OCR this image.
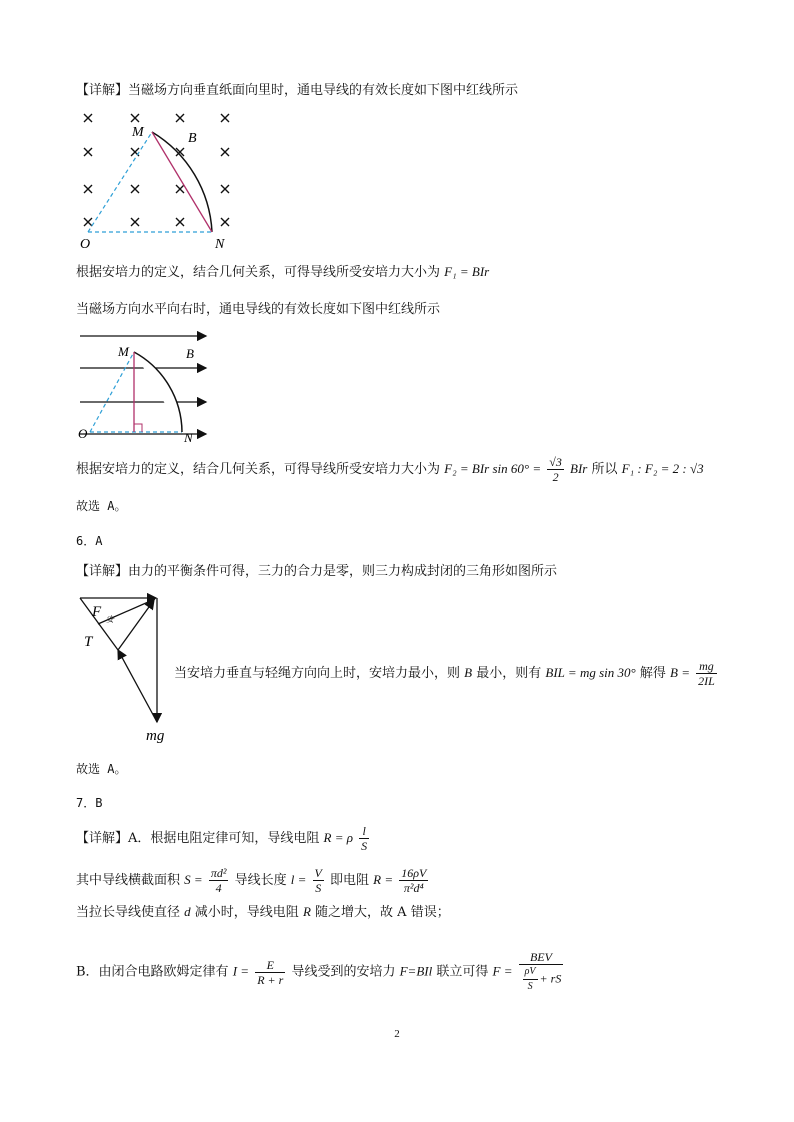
【详解】当磁场方向垂直纸面向里时，通电导线的有效长度如下图中红线所示
M	B
O	N
根据安培力的定义，结合几何关系，可得导线所受安培力大小为 F₁ = BIr
当磁场方向水平向右时，通电导线的有效长度如下图中红线所示
M	B
O	N
根据安培力的定义，结合几何关系，可得导线所受安培力大小为 F₂ = BIr $\sin 60^\circ = \frac{√3}{2}$ BIr 所以 F₁ : F₂ = 2 : √3
故选 A。
6．A
【详解】由力的平衡条件可得，三力的合力是零，则三力构成封闭的三角形如图所示
F 安
T
mg
当安培力垂直与轻绳方向向上时，安培力最小，则 B 最小，则有 BIL = mg sin 30° 解得 $B = \frac{mg}{2IL}$
故选 A。
7．B
【详解】A．根据电阻定律可知，导线电阻 R = ρ $\frac{l}{S}$
其中导线横截面积 $S = \frac{\text{πd²}}{4}$ 导线长度 $l = \frac{V}{S}$ 即电阻 $R = \frac{16\rho V}{\text{π²d⁴}}$
当拉长导线使直径 d 减小时，导线电阻 R 随之增大，故 A 错误；
B．由闭合电路欧姆定律有 $I = \frac{E}{R + r}$ 导线受到的安培力 F=BIl 联立可得 $F = \frac{\text{BEV}}{\frac{\rho V}{S} + rS}$
2
